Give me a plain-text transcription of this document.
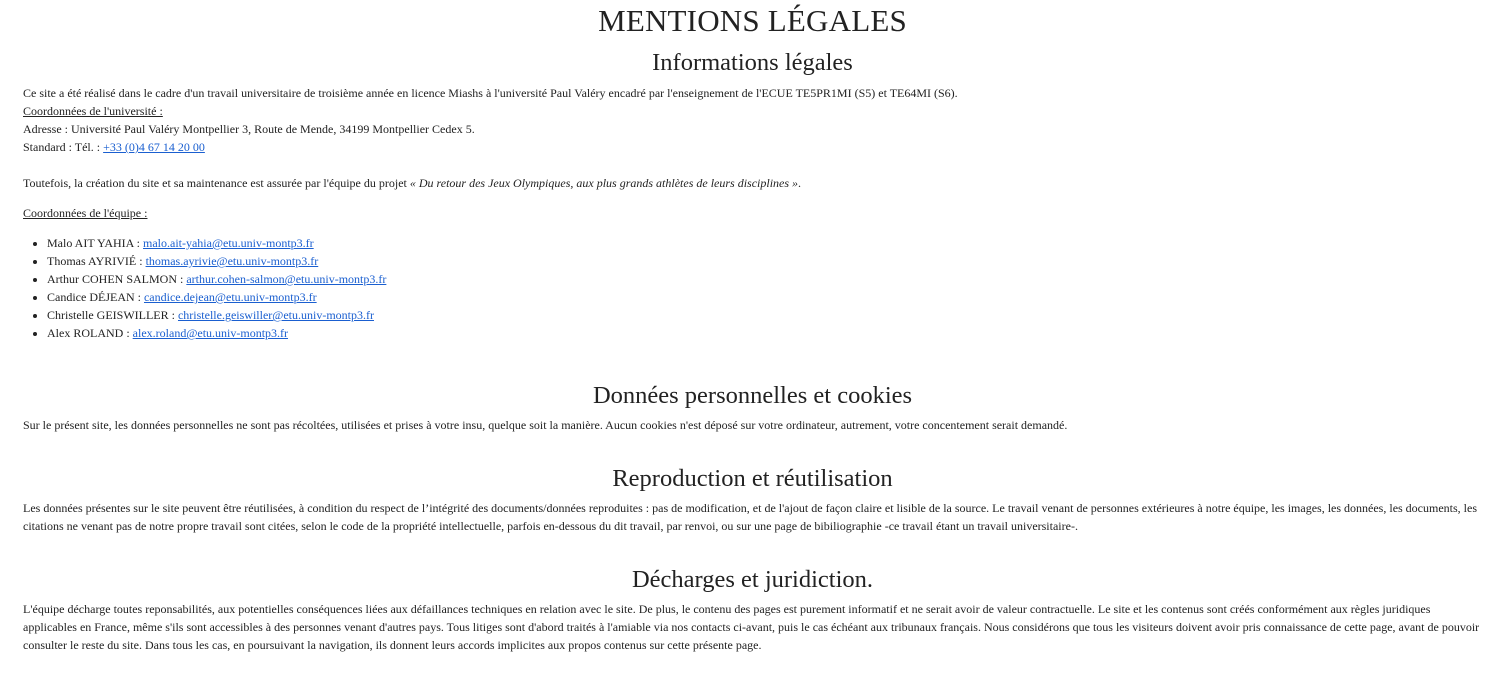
MENTIONS LÉGALES
Informations légales

Ce site a été réalisé dans le cadre d'un travail universitaire de troisième année en licence Miashs à l'université Paul Valéry encadré par l'enseignement de l'ECUE TE5PR1MI (S5) et TE64MI (S6).

Coordonnées de l'université :

Adresse : Université Paul Valéry Montpellier 3, Route de Mende, 34199 Montpellier Cedex 5.

Standard : Tél. : +33 (0)4 67 14 20 00

Toutefois, la création du site et sa maintenance est assurée par l'équipe du projet « Du retour des Jeux Olympiques, aux plus grands athlètes de leurs disciplines ».

Coordonnées de l'équipe :

• Malo AIT YAHIA : malo.ait-yahia@etu.univ-montp3.fr
• Thomas AYRIVIÉ : thomas.ayrivie@etu.univ-montp3.fr
• Arthur COHEN SALMON : arthur.cohen-salmon@etu.univ-montp3.fr
• Candice DÉJEAN : candice.dejean@etu.univ-montp3.fr
• Christelle GEISWILLER : christelle.geiswiller@etu.univ-montp3.fr
• Alex ROLAND : alex.roland@etu.univ-montp3.fr
Données personnelles et cookies

Sur le présent site, les données personnelles ne sont pas récoltées, utilisées et prises à votre insu, quelque soit la manière. Aucun cookies n'est déposé sur votre ordinateur, autrement, votre concentement serait demandé.

Reproduction et réutilisation

Les données présentes sur le site peuvent être réutilisées, à condition du respect de l’intégrité des documents/données reproduites : pas de modification, et de l'ajout de façon claire et lisible de la source. Le travail venant de personnes extérieures à notre équipe, les images, les données, les documents, les citations ne venant pas de notre propre travail sont citées, selon le code de la propriété intellectuelle, parfois en-dessous du dit travail, par renvoi, ou sur une page de bibiliographie -ce travail étant un travail universitaire-.

Décharges et juridiction.

L'équipe décharge toutes reponsabilités, aux potentielles conséquences liées aux défaillances techniques en relation avec le site. De plus, le contenu des pages est purement informatif et ne serait avoir de valeur contractuelle. Le site et les contenus sont créés conformément aux règles juridiques applicables en France, même s'ils sont accessibles à des personnes venant d'autres pays. Tous litiges sont d'abord traités à l'amiable via nos contacts ci-avant, puis le cas échéant aux tribunaux français. Nous considérons que tous les visiteurs doivent avoir pris connaissance de cette page, avant de pouvoir consulter le reste du site. Dans tous les cas, en poursuivant la navigation, ils donnent leurs accords implicites aux propos contenus sur cette présente page.
